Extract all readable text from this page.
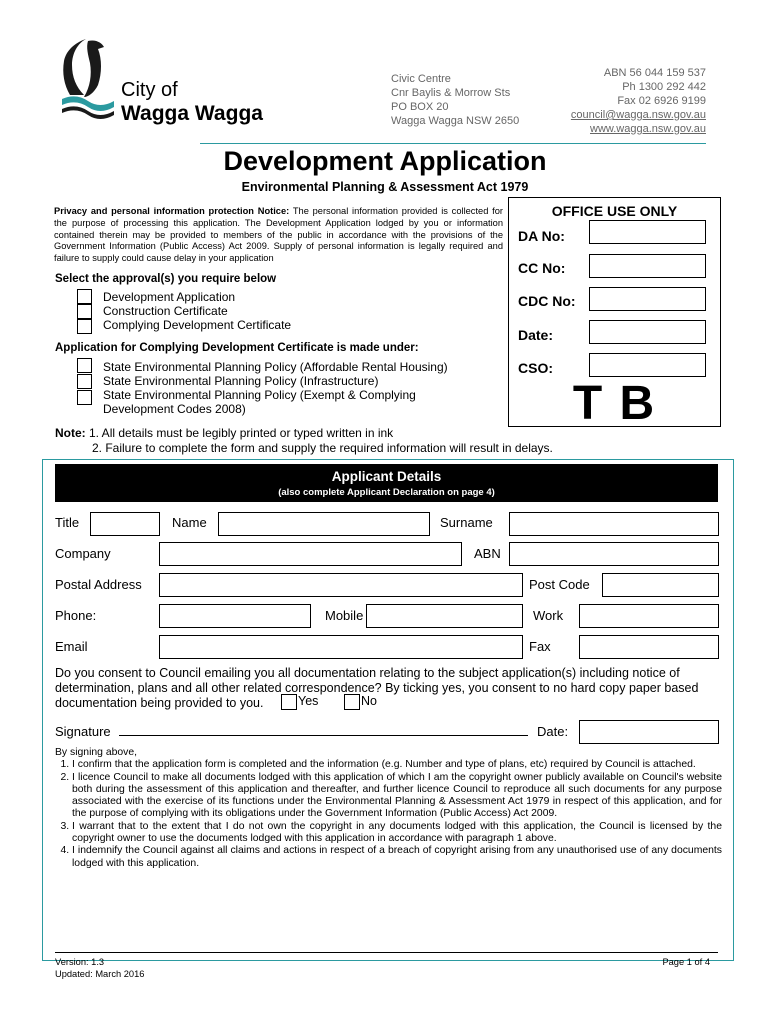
City of
Wagga Wagga
Civic Centre
Cnr Baylis & Morrow Sts
PO BOX 20
Wagga Wagga NSW 2650
ABN 56 044 159 537
Ph 1300 292 442
Fax 02 6926 9199
council@wagga.nsw.gov.au
www.wagga.nsw.gov.au
Development Application
Environmental Planning & Assessment Act 1979
Privacy and personal information protection Notice: The personal information provided is collected for the purpose of processing this application. The Development Application lodged by you or information contained therein may be provided to members of the public in accordance with the provisions of the Government Information (Public Access) Act 2009. Supply of personal information is legally required and failure to supply could cause delay in your application
OFFICE USE ONLY
DA No:
CC No:
CDC No:
Date:
CSO:
T B
Select the approval(s) you require below
Development Application
Construction Certificate
Complying Development Certificate
Application for Complying Development Certificate is made under:
State Environmental Planning Policy (Affordable Rental Housing)
State Environmental Planning Policy (Infrastructure)
State Environmental Planning Policy (Exempt & Complying
Development Codes 2008)
Note: 1. All details must be legibly printed or typed written in ink
2. Failure to complete the form and supply the required information will result in delays.
Applicant Details
(also complete Applicant Declaration on page 4)
Title	Name	Surname
Company	ABN
Postal Address	Post Code
Phone:	Mobile	Work
Email	Fax
Do you consent to Council emailing you all documentation relating to the subject application(s) including notice of determination, plans and all other related correspondence? By ticking yes, you consent to no hard copy paper based documentation being provided to you.	Yes	No
Signature	Date:
By signing above,
1. I confirm that the application form is completed and the information (e.g. Number and type of plans, etc) required by Council is attached.
2. I licence Council to make all documents lodged with this application of which I am the copyright owner publicly available on Council's website both during the assessment of this application and thereafter, and further licence Council to reproduce all such documents for any purpose associated with the exercise of its functions under the Environmental Planning & Assessment Act 1979 in respect of this application, and for the purpose of complying with its obligations under the Government Information (Public Access) Act 2009.
3. I warrant that to the extent that I do not own the copyright in any documents lodged with this application, the Council is licensed by the copyright owner to use the documents lodged with this application in accordance with paragraph 1 above.
4. I indemnify the Council against all claims and actions in respect of a breach of copyright arising from any unauthorised use of any documents lodged with this application.
Version: 1.3
Updated: March 2016
Page 1 of 4
